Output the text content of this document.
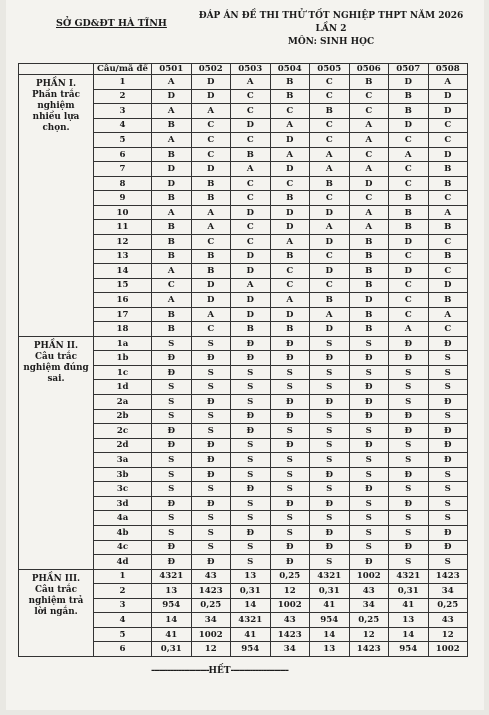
SỞ GD&ĐT HÀ TĨNH
ĐÁP ÁN ĐỀ THI THỬ TỐT NGHIỆP THPT NĂM 2026
LẦN 2
MÔN: SINH HỌC
	Câu/mã đề	0501	0502	0503	0504	0505	0506	0507	0508

PHẦN I. Phần trắc nghiệm nhiều lựa chọn.	1	A	D	A	B	C	B	D	A
	2	D	D	C	B	C	C	B	D
	3	A	A	C	C	B	C	B	D
	4	B	C	D	A	C	A	D	C
	5	A	C	C	D	C	A	C	C
	6	B	C	B	A	A	C	A	D
	7	D	D	A	D	A	A	C	B
	8	D	B	C	C	B	D	C	B
	9	B	B	C	B	C	C	B	C
	10	A	A	D	D	D	A	B	A
	11	B	A	C	D	A	A	B	B
	12	B	C	C	A	D	B	D	C
	13	B	B	D	B	C	B	C	B
	14	A	B	D	C	D	B	D	C
	15	C	D	A	C	C	B	C	D
	16	A	D	D	A	B	D	C	B
	17	B	A	D	D	A	B	C	A
	18	B	C	B	B	D	B	A	C

PHẦN II. Câu trắc nghiệm đúng sai.	1a	S	S	Đ	Đ	S	S	Đ	Đ
	1b	Đ	Đ	Đ	Đ	Đ	Đ	Đ	S
	1c	Đ	S	S	S	S	S	S	S
	1d	S	S	S	S	S	Đ	S	S
	2a	S	Đ	S	Đ	Đ	Đ	S	Đ
	2b	S	S	Đ	Đ	S	Đ	Đ	S
	2c	Đ	S	Đ	S	S	S	Đ	Đ
	2d	Đ	Đ	S	Đ	S	Đ	S	Đ
	3a	S	Đ	S	S	S	S	S	Đ
	3b	S	Đ	S	S	Đ	S	Đ	S
	3c	S	S	Đ	S	S	Đ	S	S
	3d	Đ	Đ	S	Đ	Đ	S	Đ	S
	4a	S	S	S	S	S	S	S	S
	4b	S	S	Đ	S	Đ	S	S	Đ
	4c	Đ	S	S	Đ	Đ	S	Đ	Đ
	4d	Đ	Đ	S	Đ	S	Đ	S	S

PHẦN III. Câu trắc nghiệm trả lời ngắn.	1	4321	43	13	0,25	4321	1002	4321	1423
	2	13	1423	0,31	12	0,31	43	0,31	34
	3	954	0,25	14	1002	41	34	41	0,25
	4	14	34	4321	43	954	0,25	13	43
	5	41	1002	41	1423	14	12	14	12
	6	0,31	12	954	34	13	1423	954	1002
---------------------HẾT---------------------
